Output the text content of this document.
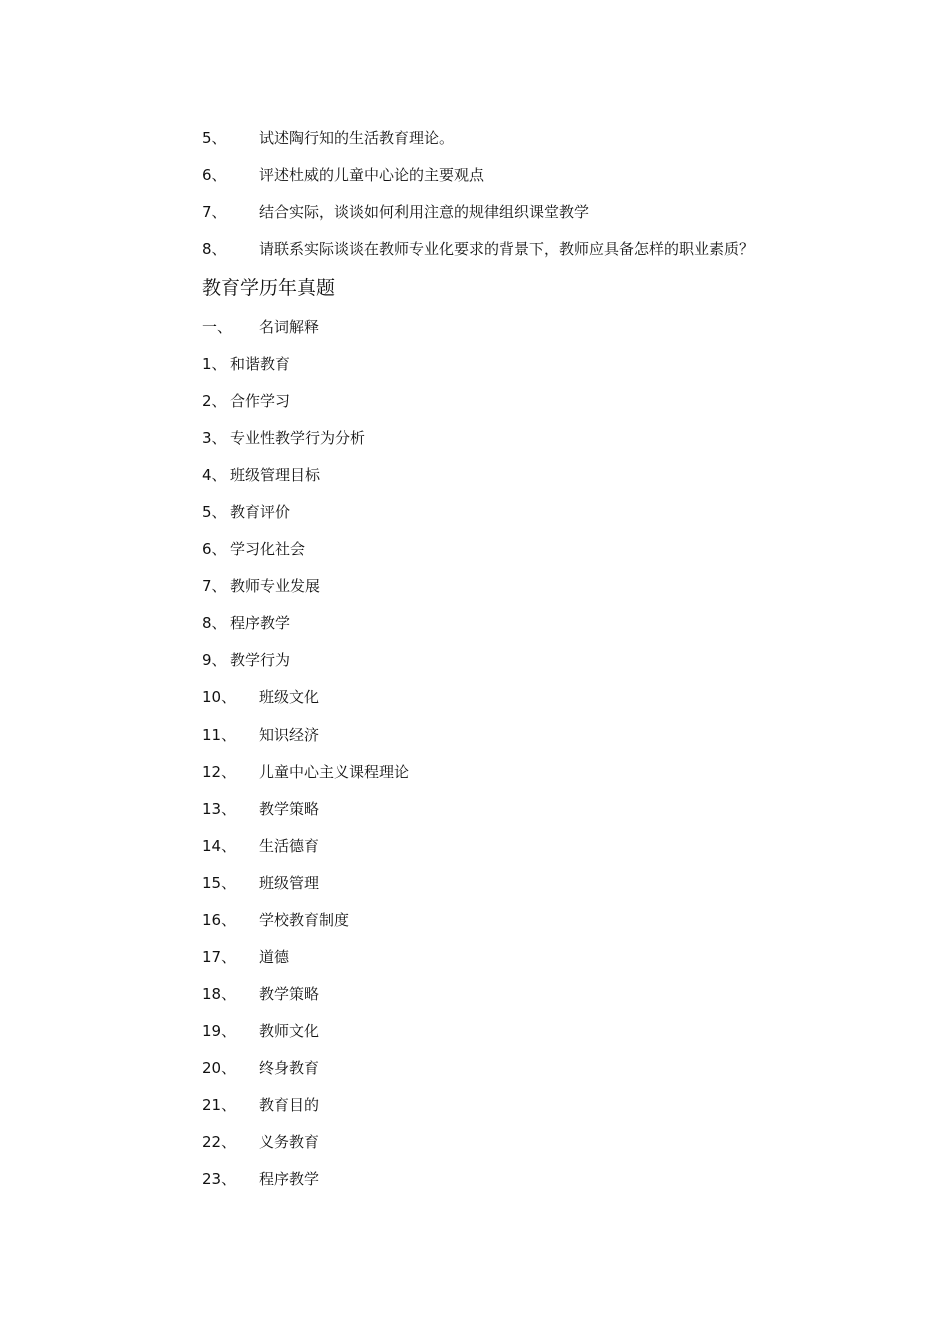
5、 试述陶行知的生活教育理论。
6、 评述杜威的儿童中心论的主要观点
7、 结合实际，谈谈如何利用注意的规律组织课堂教学
8、 请联系实际谈谈在教师专业化要求的背景下，教师应具备怎样的职业素质？
教育学历年真题
一、 名词解释
1、 和谐教育
2、 合作学习
3、 专业性教学行为分析
4、 班级管理目标
5、 教育评价
6、 学习化社会
7、 教师专业发展
8、 程序教学
9、 教学行为
10、 班级文化
11、 知识经济
12、 儿童中心主义课程理论
13、 教学策略
14、 生活德育
15、 班级管理
16、 学校教育制度
17、 道德
18、 教学策略
19、 教师文化
20、 终身教育
21、 教育目的
22、 义务教育
23、 程序教学
